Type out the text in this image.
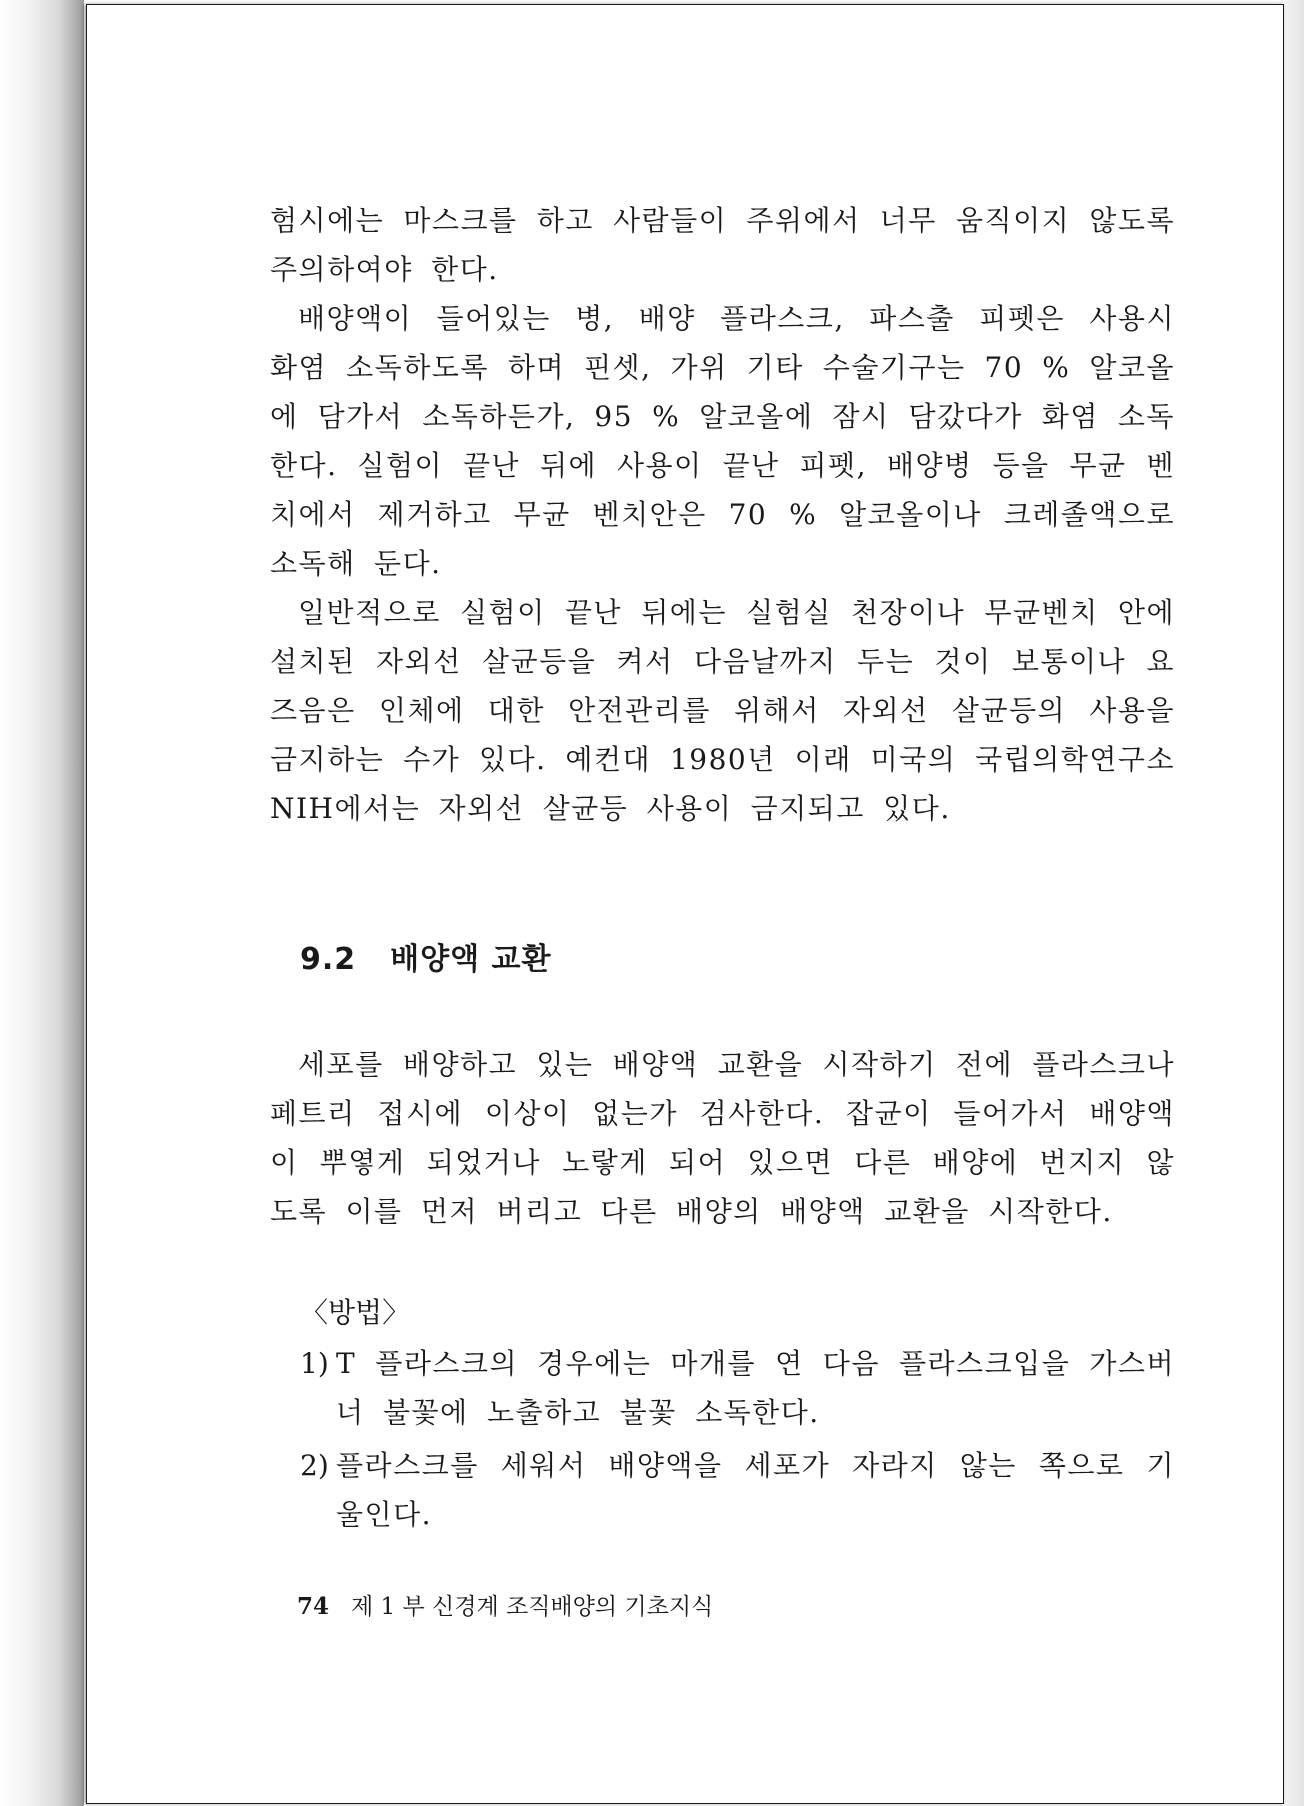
험시에는 마스크를 하고 사람들이 주위에서 너무 움직이지 않도록 주의하여야 한다.

배양액이 들어있는 병, 배양 플라스크, 파스출 피펫은 사용시 화염 소독하도록 하며 핀셋, 가위 기타 수술기구는 70 % 알코올에 담가서 소독하든가, 95 % 알코올에 잠시 담갔다가 화염 소독한다. 실험이 끝난 뒤에 사용이 끝난 피펫, 배양병 등을 무균 벤치에서 제거하고 무균 벤치안은 70 % 알코올이나 크레졸액으로 소독해 둔다.

일반적으로 실험이 끝난 뒤에는 실험실 천장이나 무균벤치 안에 설치된 자외선 살균등을 켜서 다음날까지 두는 것이 보통이나 요즈음은 인체에 대한 안전관리를 위해서 자외선 살균등의 사용을 금지하는 수가 있다. 예컨대 1980년 이래 미국의 국립의학연구소 NIH에서는 자외선 살균등 사용이 금지되고 있다.

9.2 배양액 교환

세포를 배양하고 있는 배양액 교환을 시작하기 전에 플라스크나 페트리 접시에 이상이 없는가 검사한다. 잡균이 들어가서 배양액이 뿌옇게 되었거나 노랗게 되어 있으면 다른 배양에 번지지 않도록 이를 먼저 버리고 다른 배양의 배양액 교환을 시작한다.

〈방법〉

1) T 플라스크의 경우에는 마개를 연 다음 플라스크입을 가스버너 불꽃에 노출하고 불꽃 소독한다.
2) 플라스크를 세워서 배양액을 세포가 자라지 않는 쪽으로 기울인다.

74 제 1 부 신경계 조직배양의 기초지식
